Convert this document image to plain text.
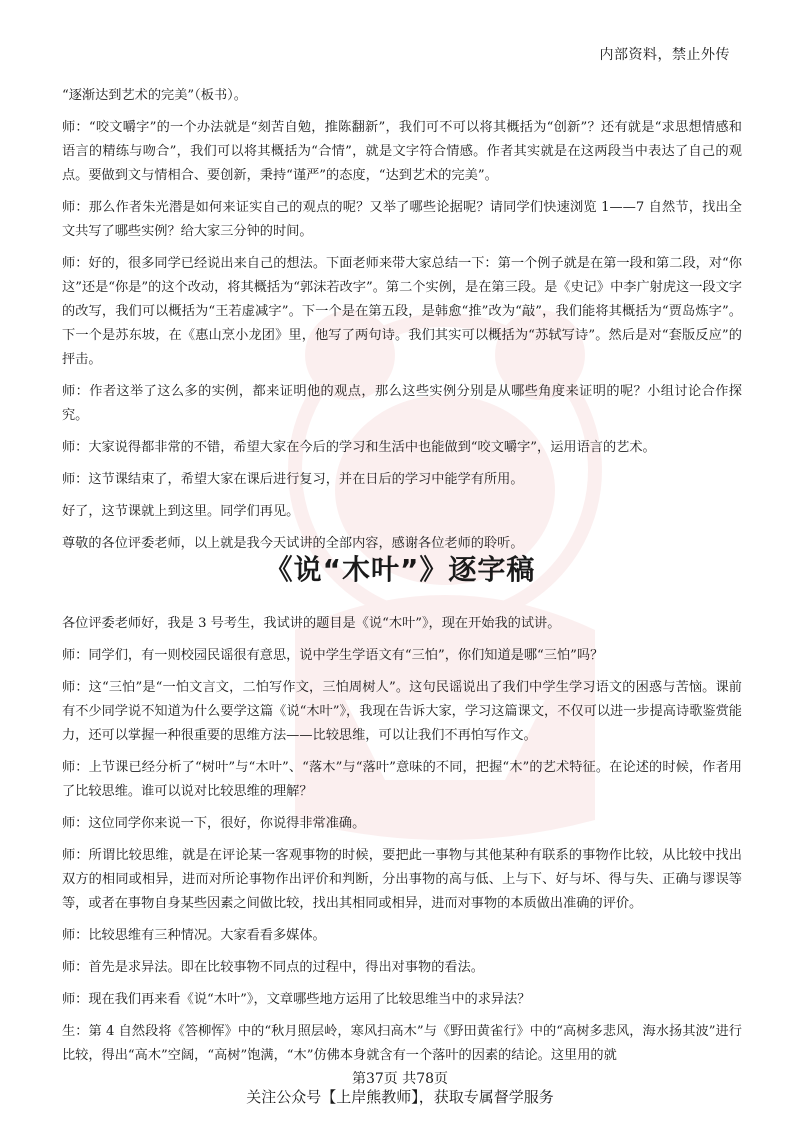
内部资料，禁止外传

“逐渐达到艺术的完美”（板书）。

师：“咬文嚼字”的一个办法就是“刻苦自勉，推陈翻新”，我们可不可以将其概括为“创新”？还有就是“求思想情感和语言的精练与吻合”，我们可以将其概括为“合情”，就是文字符合情感。作者其实就是在这两段当中表达了自己的观点。要做到文与情相合、要创新，秉持“谨严”的态度，“达到艺术的完美”。

师：那么作者朱光潜是如何来证实自己的观点的呢？又举了哪些论据呢？请同学们快速浏览 1——7 自然节，找出全文共写了哪些实例？给大家三分钟的时间。

师：好的，很多同学已经说出来自己的想法。下面老师来带大家总结一下：第一个例子就是在第一段和第二段，对“你这”还是“你是”的这个改动，将其概括为“郭沫若改字”。第二个实例，是在第三段。是《史记》中李广射虎这一段文字的改写，我们可以概括为“王若虚减字”。下一个是在第五段，是韩愈“推”改为“敲”，我们能将其概括为“贾岛炼字”。下一个是苏东坡，在《惠山烹小龙团》里，他写了两句诗。我们其实可以概括为“苏轼写诗”。然后是对“套版反应”的抨击。

师：作者这举了这么多的实例，都来证明他的观点，那么这些实例分别是从哪些角度来证明的呢？小组讨论合作探究。

师：大家说得都非常的不错，希望大家在今后的学习和生活中也能做到“咬文嚼字”，运用语言的艺术。

师：这节课结束了，希望大家在课后进行复习，并在日后的学习中能学有所用。

好了，这节课就上到这里。同学们再见。

尊敬的各位评委老师，以上就是我今天试讲的全部内容，感谢各位老师的聆听。

《说“木叶”》逐字稿

各位评委老师好，我是 3 号考生，我试讲的题目是《说“木叶”》，现在开始我的试讲。

师：同学们，有一则校园民谣很有意思，说中学生学语文有“三怕”，你们知道是哪“三怕”吗？

师：这“三怕”是“一怕文言文，二怕写作文，三怕周树人”。这句民谣说出了我们中学生学习语文的困惑与苦恼。课前有不少同学说不知道为什么要学这篇《说“木叶”》，我现在告诉大家，学习这篇课文，不仅可以进一步提高诗歌鉴赏能力，还可以掌握一种很重要的思维方法——比较思维，可以让我们不再怕写作文。

师：上节课已经分析了“树叶”与“木叶”、“落木”与“落叶”意味的不同，把握“木”的艺术特征。在论述的时候，作者用了比较思维。谁可以说对比较思维的理解？

师：这位同学你来说一下，很好，你说得非常准确。

师：所谓比较思维，就是在评论某一客观事物的时候，要把此一事物与其他某种有联系的事物作比较，从比较中找出双方的相同或相异，进而对所论事物作出评价和判断，分出事物的高与低、上与下、好与坏、得与失、正确与谬误等等，或者在事物自身某些因素之间做比较，找出其相同或相异，进而对事物的本质做出准确的评价。

师：比较思维有三种情况。大家看看多媒体。

师：首先是求异法。即在比较事物不同点的过程中，得出对事物的看法。

师：现在我们再来看《说“木叶”》，文章哪些地方运用了比较思维当中的求异法？

生：第 4 自然段将《答柳恽》中的“秋月照层岭，寒风扫高木”与《野田黄雀行》中的“高树多悲风，海水扬其波”进行比较，得出“高木”空阔，“高树”饱满，“木”仿佛本身就含有一个落叶的因素的结论。这里用的就

第37页 共78页
关注公众号【上岸熊教师】，获取专属督学服务
